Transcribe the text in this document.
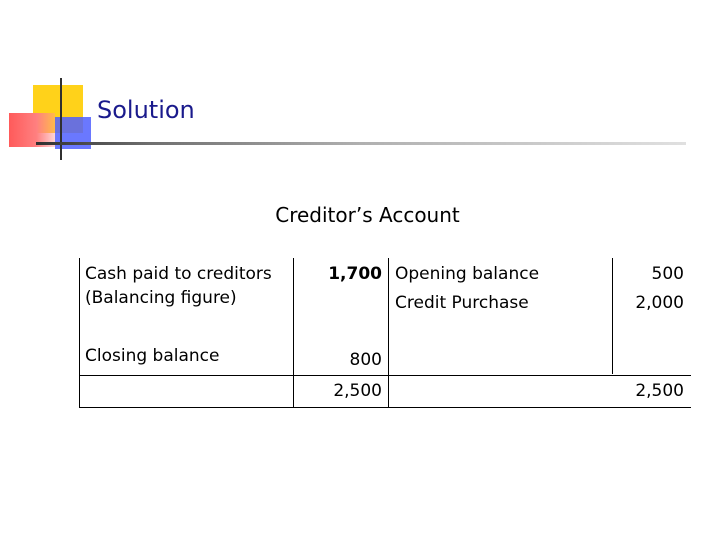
Solution
Creditor’s Account
Cash paid to creditors
(Balancing figure)
Closing balance
1,700
800
2,500
Opening balance
Credit Purchase
500
2,000
2,500
